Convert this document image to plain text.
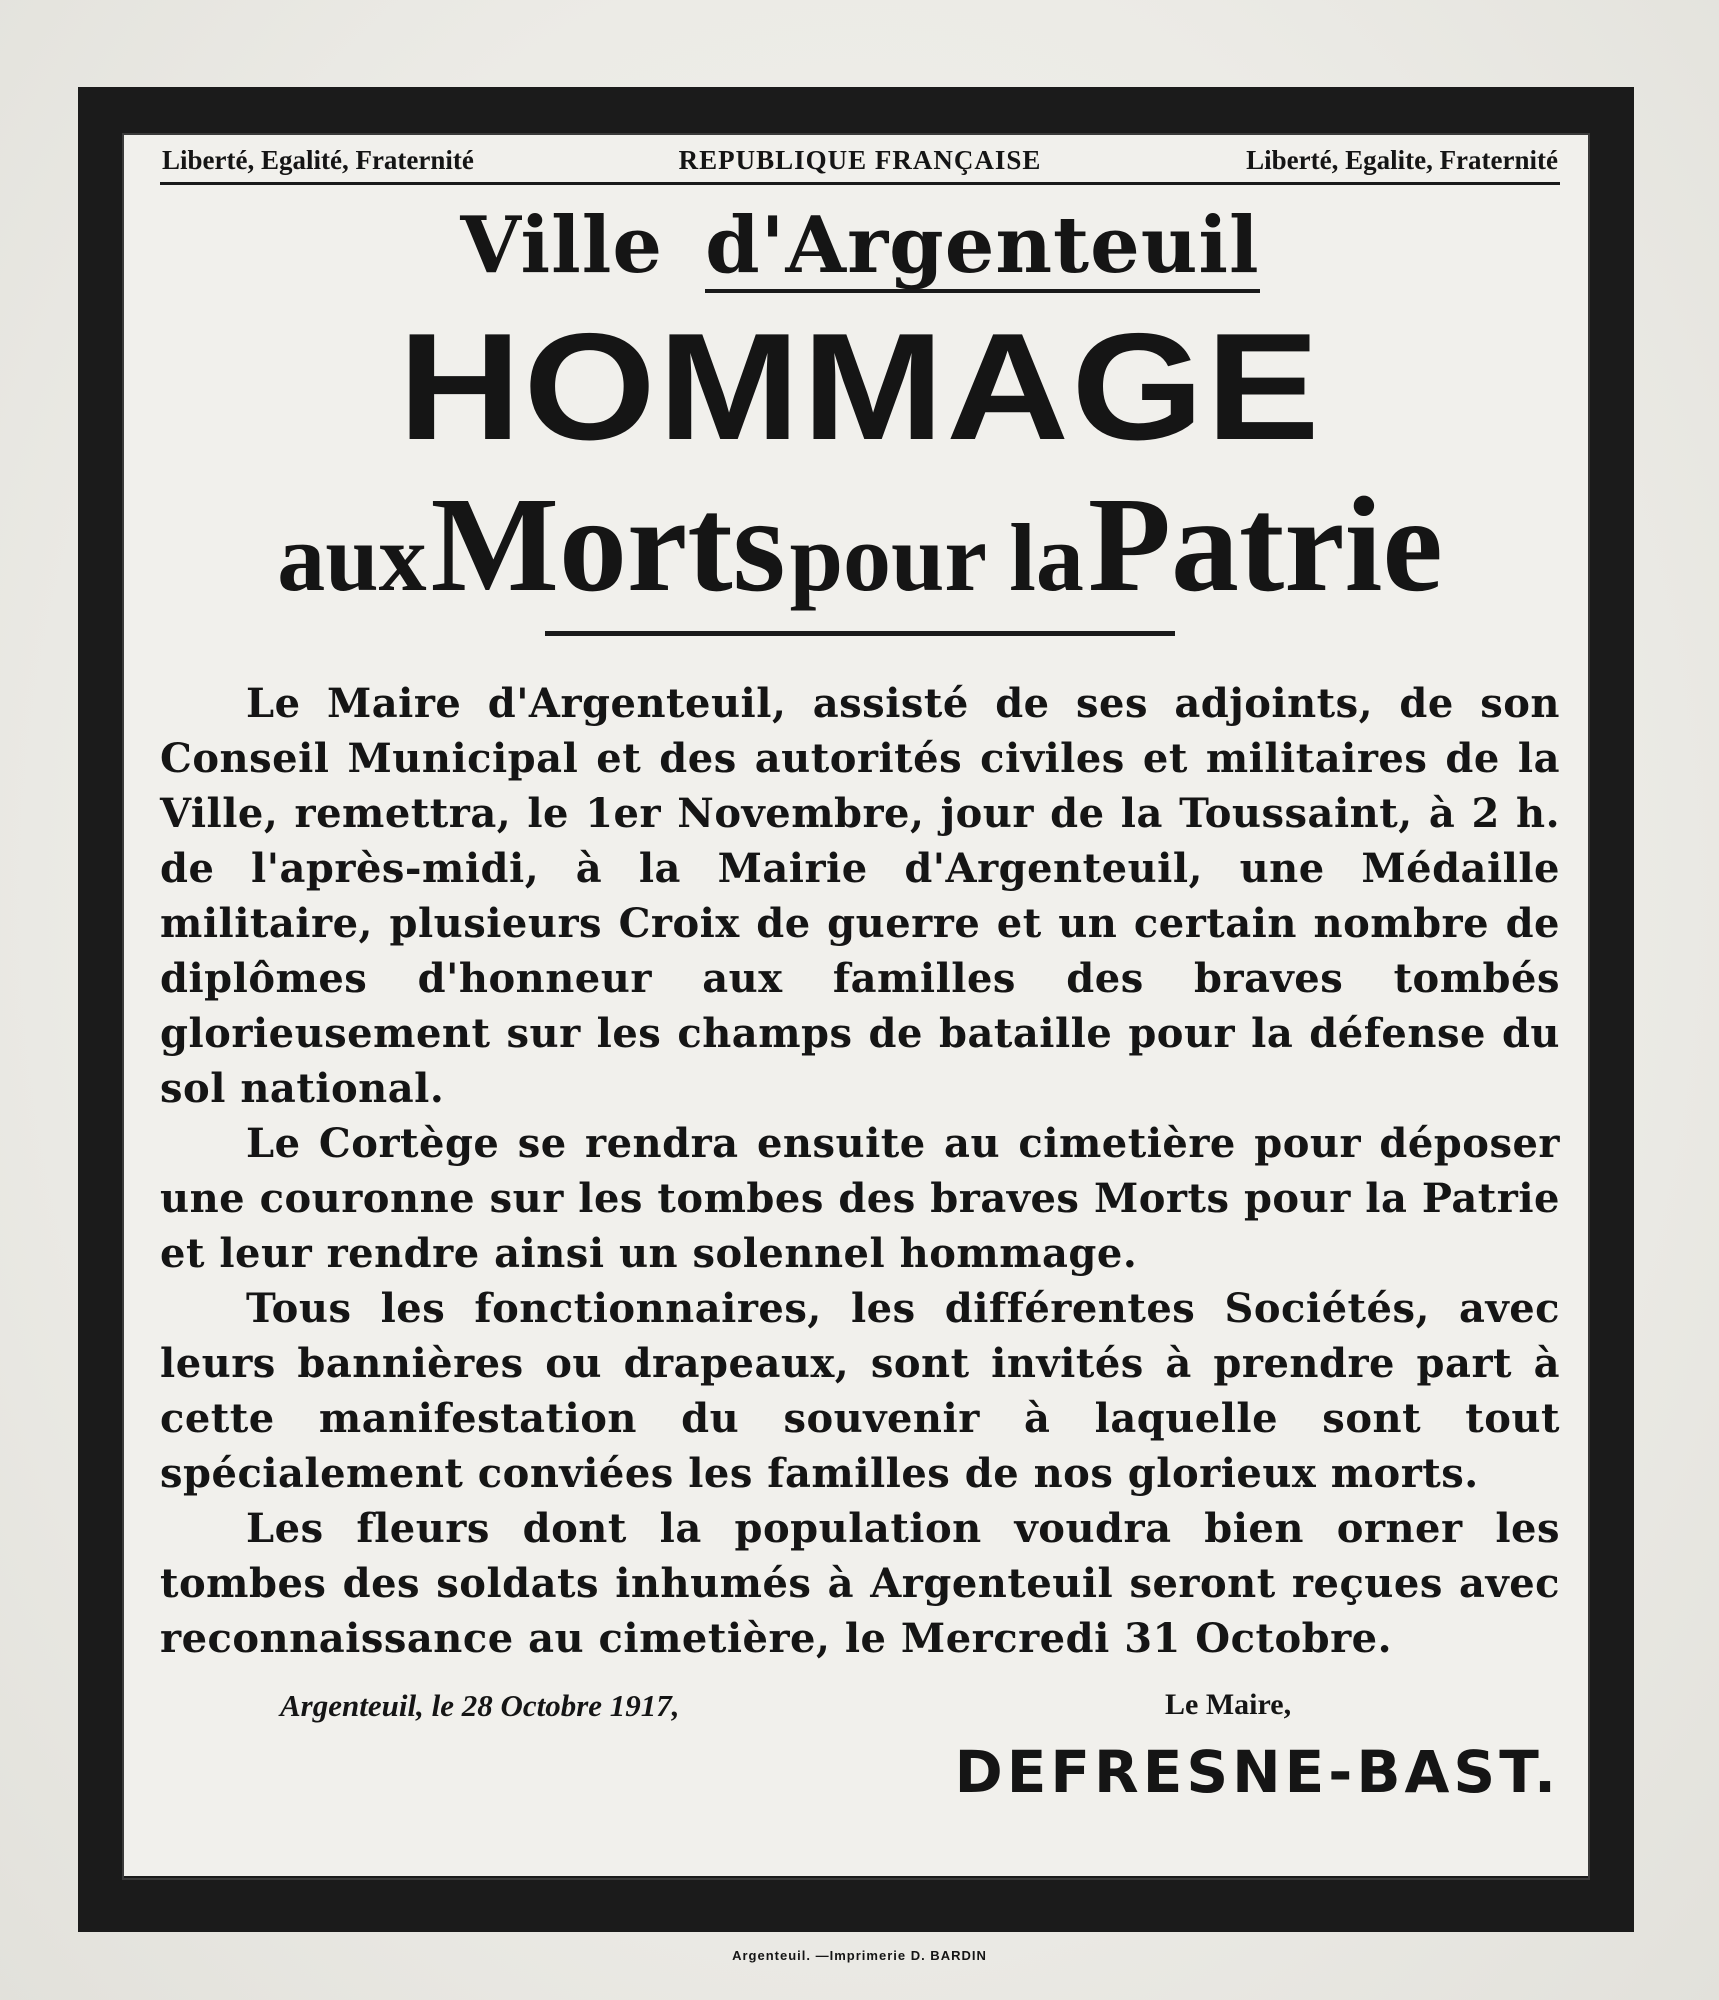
Liberté, Egalité, Fraternité	REPUBLIQUE FRANÇAISE	Liberté, Egalite, Fraternité
Ville d'Argenteuil
HOMMAGE
aux Morts pour la Patrie

Le Maire d'Argenteuil, assisté de ses adjoints, de son Conseil Municipal et des autorités civiles et militaires de la Ville, remettra, le 1er Novembre, jour de la Toussaint, à 2 h. de l'après-midi, à la Mairie d'Argenteuil, une Médaille militaire, plusieurs Croix de guerre et un certain nombre de diplômes d'honneur aux familles des braves tombés glorieusement sur les champs de bataille pour la défense du sol national.

Le Cortège se rendra ensuite au cimetière pour déposer une couronne sur les tombes des braves Morts pour la Patrie et leur rendre ainsi un solennel hommage.

Tous les fonctionnaires, les différentes Sociétés, avec leurs bannières ou drapeaux, sont invités à prendre part à cette manifestation du souvenir à laquelle sont tout spécialement conviées les familles de nos glorieux morts.

Les fleurs dont la population voudra bien orner les tombes des soldats inhumés à Argenteuil seront reçues avec reconnaissance au cimetière, le Mercredi 31 Octobre.

Argenteuil, le 28 Octobre 1917,	Le Maire,
DEFRESNE-BAST.
Argenteuil. —Imprimerie D. BARDIN
